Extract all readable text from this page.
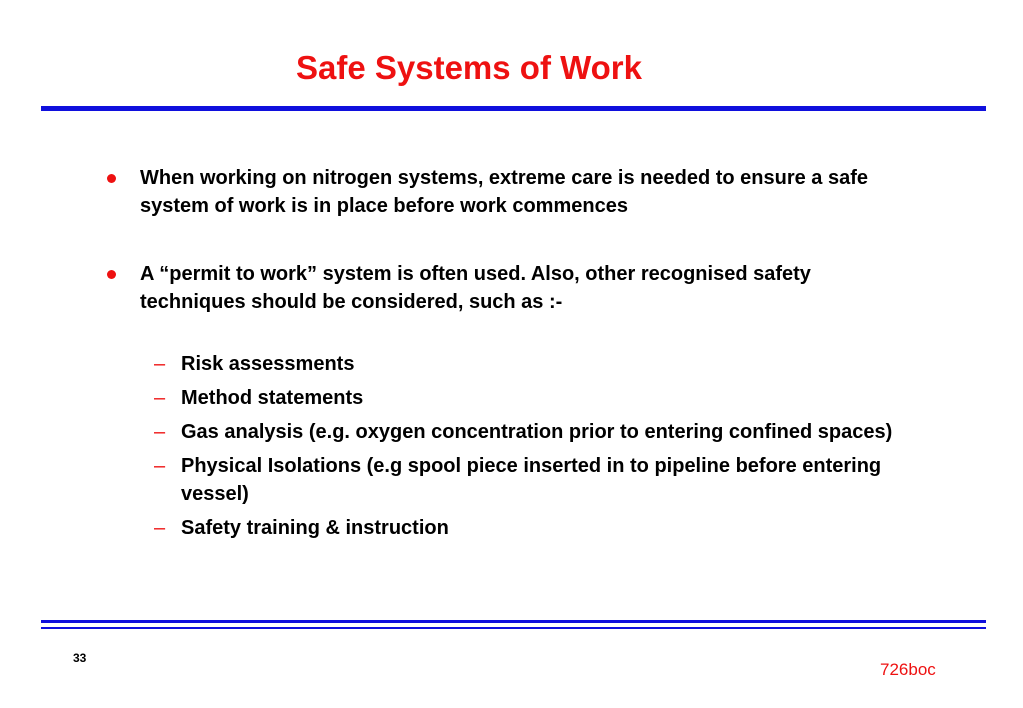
Safe Systems of Work
When working on nitrogen systems, extreme care is needed to ensure a safe system of work is in place before work commences
A “permit to work” system is often used. Also, other recognised safety techniques should be considered, such as :-
– Risk assessments
– Method statements
– Gas analysis (e.g. oxygen concentration prior to entering confined spaces)
– Physical Isolations (e.g spool piece inserted in to pipeline before entering vessel)
– Safety training & instruction
33
726boc
